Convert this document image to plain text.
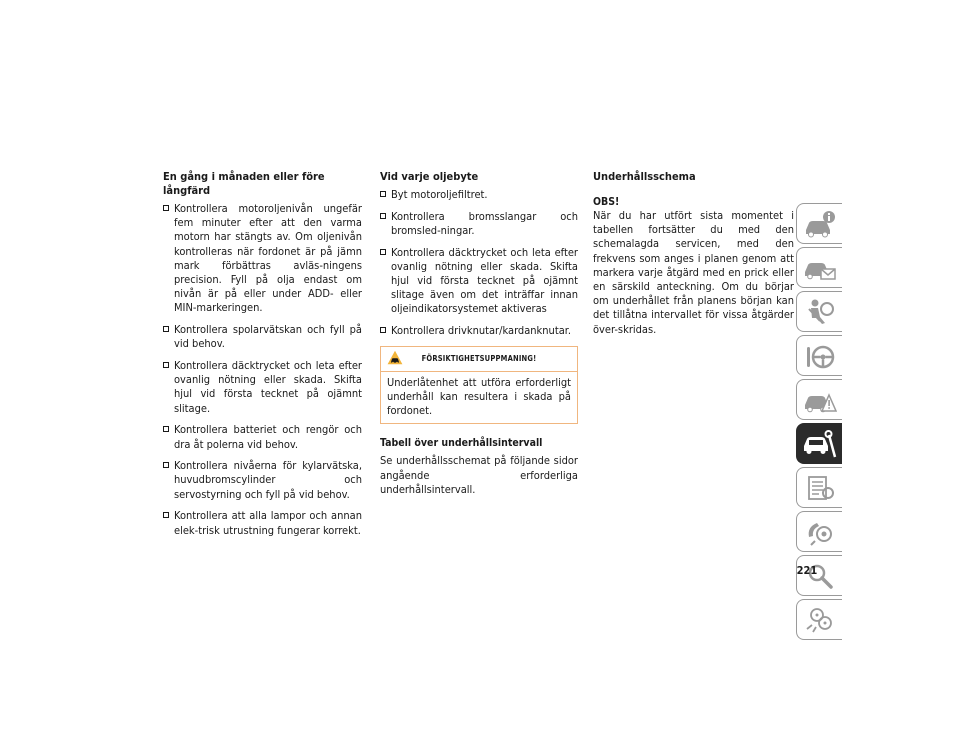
En gång i månaden eller före långfärd
Kontrollera motoroljenivån ungefär fem minuter efter att den varma motorn har stängts av. Om oljenivån kontrolleras när fordonet är på jämn mark förbättras avläs-ningens precision. Fyll på olja endast om nivån är på eller under ADD- eller MIN-markeringen.
Kontrollera spolarvätskan och fyll på vid behov.
Kontrollera däcktrycket och leta efter ovanlig nötning eller skada. Skifta hjul vid första tecknet på ojämnt slitage.
Kontrollera batteriet och rengör och dra åt polerna vid behov.
Kontrollera nivåerna för kylarvätska, huvudbromscylinder och servostyrning och fyll på vid behov.
Kontrollera att alla lampor och annan elek-trisk utrustning fungerar korrekt.
Vid varje oljebyte
Byt motoroljefiltret.
Kontrollera bromsslangar och bromsled-ningar.
Kontrollera däcktrycket och leta efter ovanlig nötning eller skada. Skifta hjul vid första tecknet på ojämnt slitage även om det inträffar innan oljeindikatorsystemet aktiveras
Kontrollera drivknutar/kardanknutar.
FÖRSIKTIGHETSUPPMANING!

Underlåtenhet att utföra erforderligt underhåll kan resultera i skada på fordonet.

Tabell över underhållsintervall

Se underhållsschemat på följande sidor angående erforderliga underhållsintervall.

Underhållsschema
OBS!

När du har utfört sista momentet i tabellen fortsätter du med den schemalagda servicen, med den frekvens som anges i planen genom att markera varje åtgärd med en prick eller en särskild anteckning. Om du börjar om underhållet från planens början kan det tillåtna intervallet för vissa åtgärder över-skridas.

221
